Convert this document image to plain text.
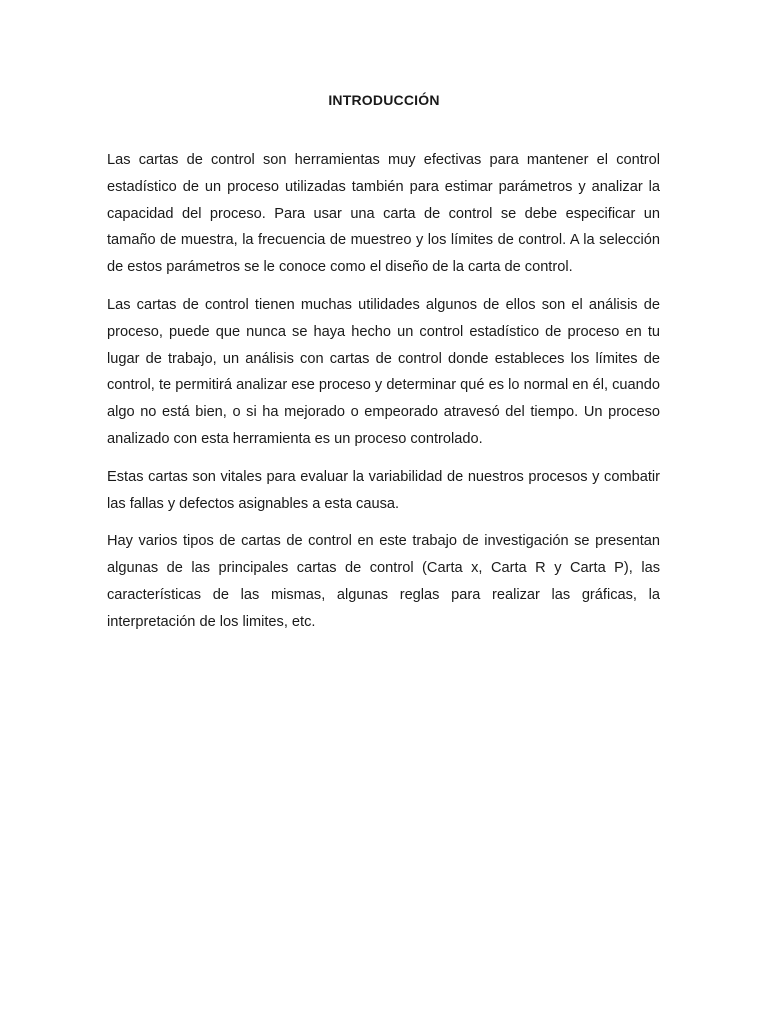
INTRODUCCIÓN

Las cartas de control son herramientas muy efectivas para mantener el control estadístico de un proceso utilizadas también para estimar parámetros y analizar la capacidad del proceso. Para usar una carta de control se debe especificar un tamaño de muestra, la frecuencia de muestreo y los límites de control. A la selección de estos parámetros se le conoce como el diseño de la carta de control.

Las cartas de control tienen muchas utilidades algunos de ellos son el análisis de proceso, puede que nunca se haya hecho un control estadístico de proceso en tu lugar de trabajo, un análisis con cartas de control donde estableces los límites de control, te permitirá analizar ese proceso y determinar qué es lo normal en él, cuando algo no está bien, o si ha mejorado o empeorado atravesó del tiempo. Un proceso analizado con esta herramienta es un proceso controlado.

Estas cartas son vitales para evaluar la variabilidad de nuestros procesos y combatir las fallas y defectos asignables a esta causa.

Hay varios tipos de cartas de control en este trabajo de investigación se presentan algunas de las principales cartas de control (Carta x, Carta R y Carta P), las características de las mismas, algunas reglas para realizar las gráficas, la interpretación de los limites, etc.
